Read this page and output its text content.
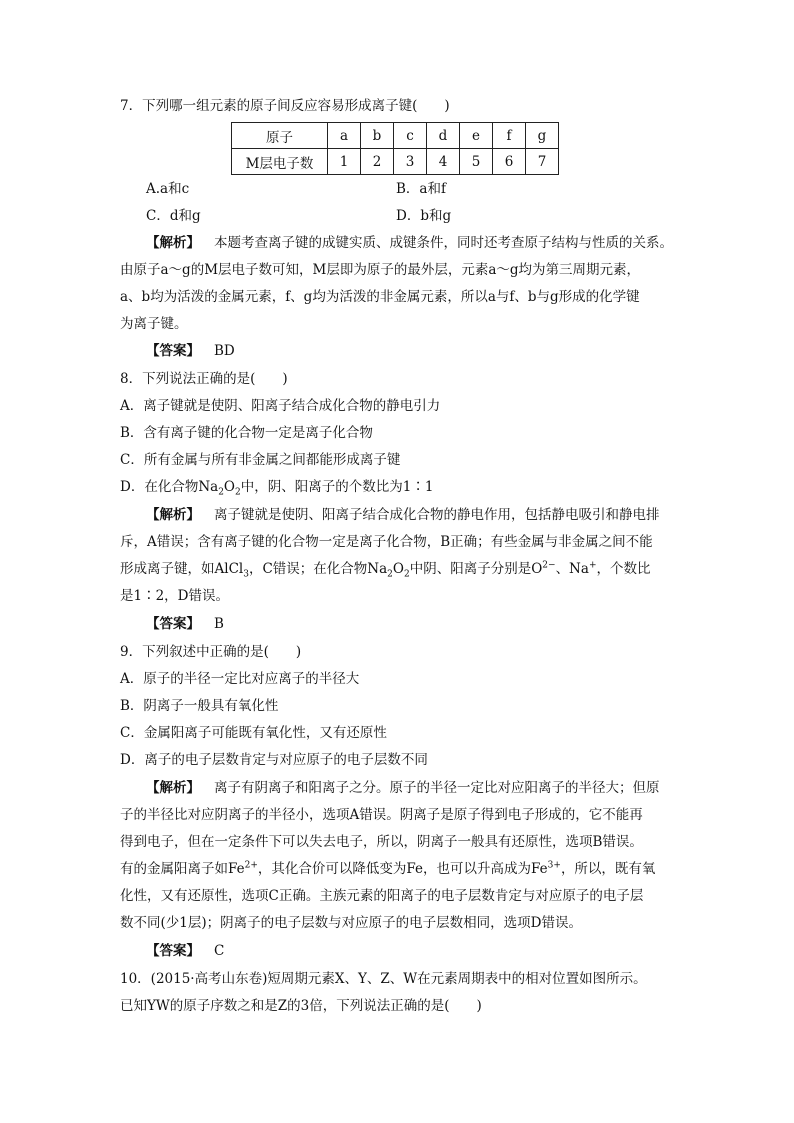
7．下列哪一组元素的原子间反应容易形成离子键(　　)
原子	a	b	c	d	e	f	g
M层电子数	1	2	3	4	5	6	7
A.a和c	B．a和f
C．d和g	D．b和g
【解析】 本题考查离子键的成键实质、成键条件，同时还考查原子结构与性质的关系。
由原子a～g的M层电子数可知，M层即为原子的最外层，元素a～g均为第三周期元素，
a、b均为活泼的金属元素，f、g均为活泼的非金属元素，所以a与f、b与g形成的化学键
为离子键。
【答案】 BD
8．下列说法正确的是(　　)
A．离子键就是使阴、阳离子结合成化合物的静电引力
B．含有离子键的化合物一定是离子化合物
C．所有金属与所有非金属之间都能形成离子键
D．在化合物$Na_2O_2$中，阴、阳离子的个数比为1∶1
【解析】 离子键就是使阴、阳离子结合成化合物的静电作用，包括静电吸引和静电排
斥，A错误；含有离子键的化合物一定是离子化合物，B正确；有些金属与非金属之间不能
形成离子键，如AlCl$_3$，C错误；在化合物$Na_2O_2$中阴、阳离子分别是$O^{2-}$、Na+，个数比
是1∶2，D错误。
【答案】 B
9．下列叙述中正确的是(　　)
A．原子的半径一定比对应离子的半径大
B．阴离子一般具有氧化性
C．金属阳离子可能既有氧化性，又有还原性
D．离子的电子层数肯定与对应原子的电子层数不同
【解析】 离子有阴离子和阳离子之分。原子的半径一定比对应阳离子的半径大；但原
子的半径比对应阴离子的半径小，选项A错误。阴离子是原子得到电子形成的，它不能再
得到电子，但在一定条件下可以失去电子，所以，阴离子一般具有还原性，选项B错误。
有的金属阳离子如$Fe^{2+}$，其化合价可以降低变为Fe，也可以升高成为$Fe^{3+}$，所以，既有氧
化性，又有还原性，选项C正确。主族元素的阳离子的电子层数肯定与对应原子的电子层
数不同(少1层)；阴离子的电子层数与对应原子的电子层数相同，选项D错误。
【答案】 C
10．(2015·高考山东卷)短周期元素X、Y、Z、W在元素周期表中的相对位置如图所示。
已知YW的原子序数之和是Z的3倍，下列说法正确的是(　　)
